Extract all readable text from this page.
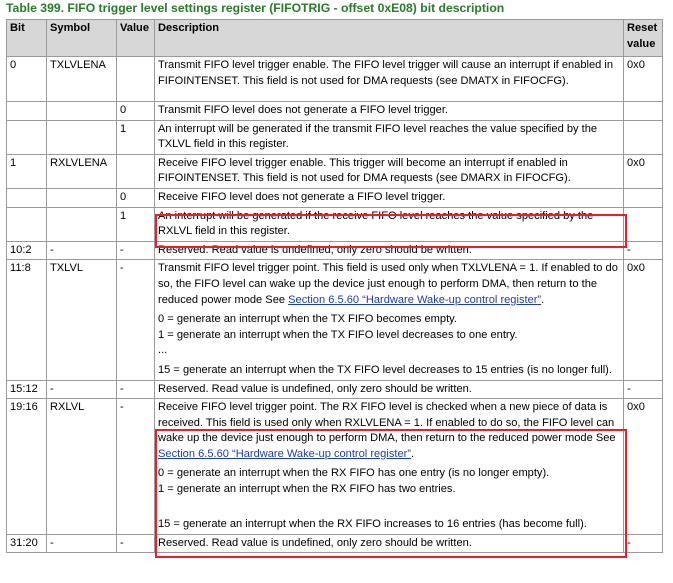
Table 399. FIFO trigger level settings register (FIFOTRIG - offset 0xE08) bit description
Bit	Symbol	Value	Description	Reset value
0	TXLVLENA		Transmit FIFO level trigger enable. The FIFO level trigger will cause an interrupt if enabled in FIFOINTENSET. This field is not used for DMA requests (see DMATX in FIFOCFG).	0x0
		0	Transmit FIFO level does not generate a FIFO level trigger.	
		1	An interrupt will be generated if the transmit FIFO level reaches the value specified by the TXLVL field in this register.	
1	RXLVLENA		Receive FIFO level trigger enable. This trigger will become an interrupt if enabled in FIFOINTENSET. This field is not used for DMA requests (see DMARX in FIFOCFG).	0x0
		0	Receive FIFO level does not generate a FIFO level trigger.	
		1	An interrupt will be generated if the receive FIFO level reaches the value specified by the RXLVL field in this register.	
10:2	-	-	Reserved. Read value is undefined, only zero should be written.	-
11:8	TXLVL	-	Transmit FIFO level trigger point. This field is used only when TXLVLENA = 1. If enabled to do so, the FIFO level can wake up the device just enough to perform DMA, then return to the reduced power mode See Section 6.5.60 “Hardware Wake-up control register”.
0 = generate an interrupt when the TX FIFO becomes empty.
1 = generate an interrupt when the TX FIFO level decreases to one entry.
...
15 = generate an interrupt when the TX FIFO level decreases to 15 entries (is no longer full).	0x0
15:12	-	-	Reserved. Read value is undefined, only zero should be written.	-
19:16	RXLVL	-	Receive FIFO level trigger point. The RX FIFO level is checked when a new piece of data is received. This field is used only when RXLVLENA = 1. If enabled to do so, the FIFO level can wake up the device just enough to perform DMA, then return to the reduced power mode See Section 6.5.60 “Hardware Wake-up control register”.
0 = generate an interrupt when the RX FIFO has one entry (is no longer empty).
1 = generate an interrupt when the RX FIFO has two entries.
15 = generate an interrupt when the RX FIFO increases to 16 entries (has become full).	0x0
31:20	-	-	Reserved. Read value is undefined, only zero should be written.	-
